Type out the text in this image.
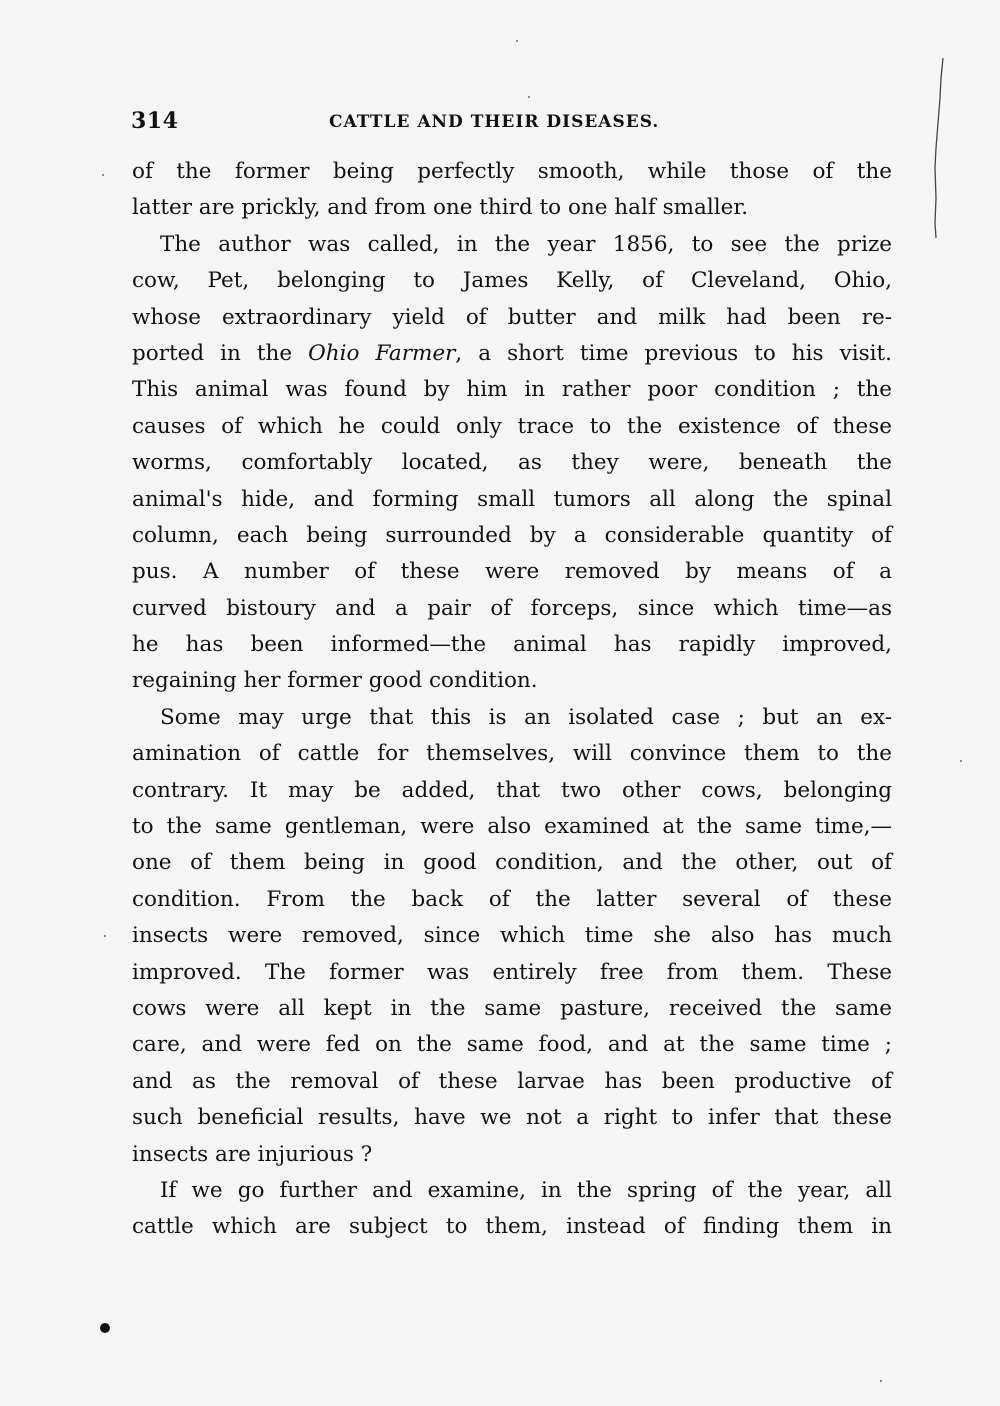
314	CATTLE AND THEIR DISEASES.
of the former being perfectly smooth, while those of the
latter are prickly, and from one third to one half smaller.
The author was called, in the year 1856, to see the prize
cow, Pet, belonging to James Kelly, of Cleveland, Ohio,
whose extraordinary yield of butter and milk had been re-
ported in the Ohio Farmer, a short time previous to his visit.
This animal was found by him in rather poor condition ; the
causes of which he could only trace to the existence of these
worms, comfortably located, as they were, beneath the
animal's hide, and forming small tumors all along the spinal
column, each being surrounded by a considerable quantity of
pus. A number of these were removed by means of a
curved bistoury and a pair of forceps, since which time—as
he has been informed—the animal has rapidly improved,
regaining her former good condition.
Some may urge that this is an isolated case ; but an ex-
amination of cattle for themselves, will convince them to the
contrary. It may be added, that two other cows, belonging
to the same gentleman, were also examined at the same time,—
one of them being in good condition, and the other, out of
condition. From the back of the latter several of these
insects were removed, since which time she also has much
improved. The former was entirely free from them. These
cows were all kept in the same pasture, received the same
care, and were fed on the same food, and at the same time ;
and as the removal of these larvae has been productive of
such beneficial results, have we not a right to infer that these
insects are injurious ?
If we go further and examine, in the spring of the year, all
cattle which are subject to them, instead of finding them in
